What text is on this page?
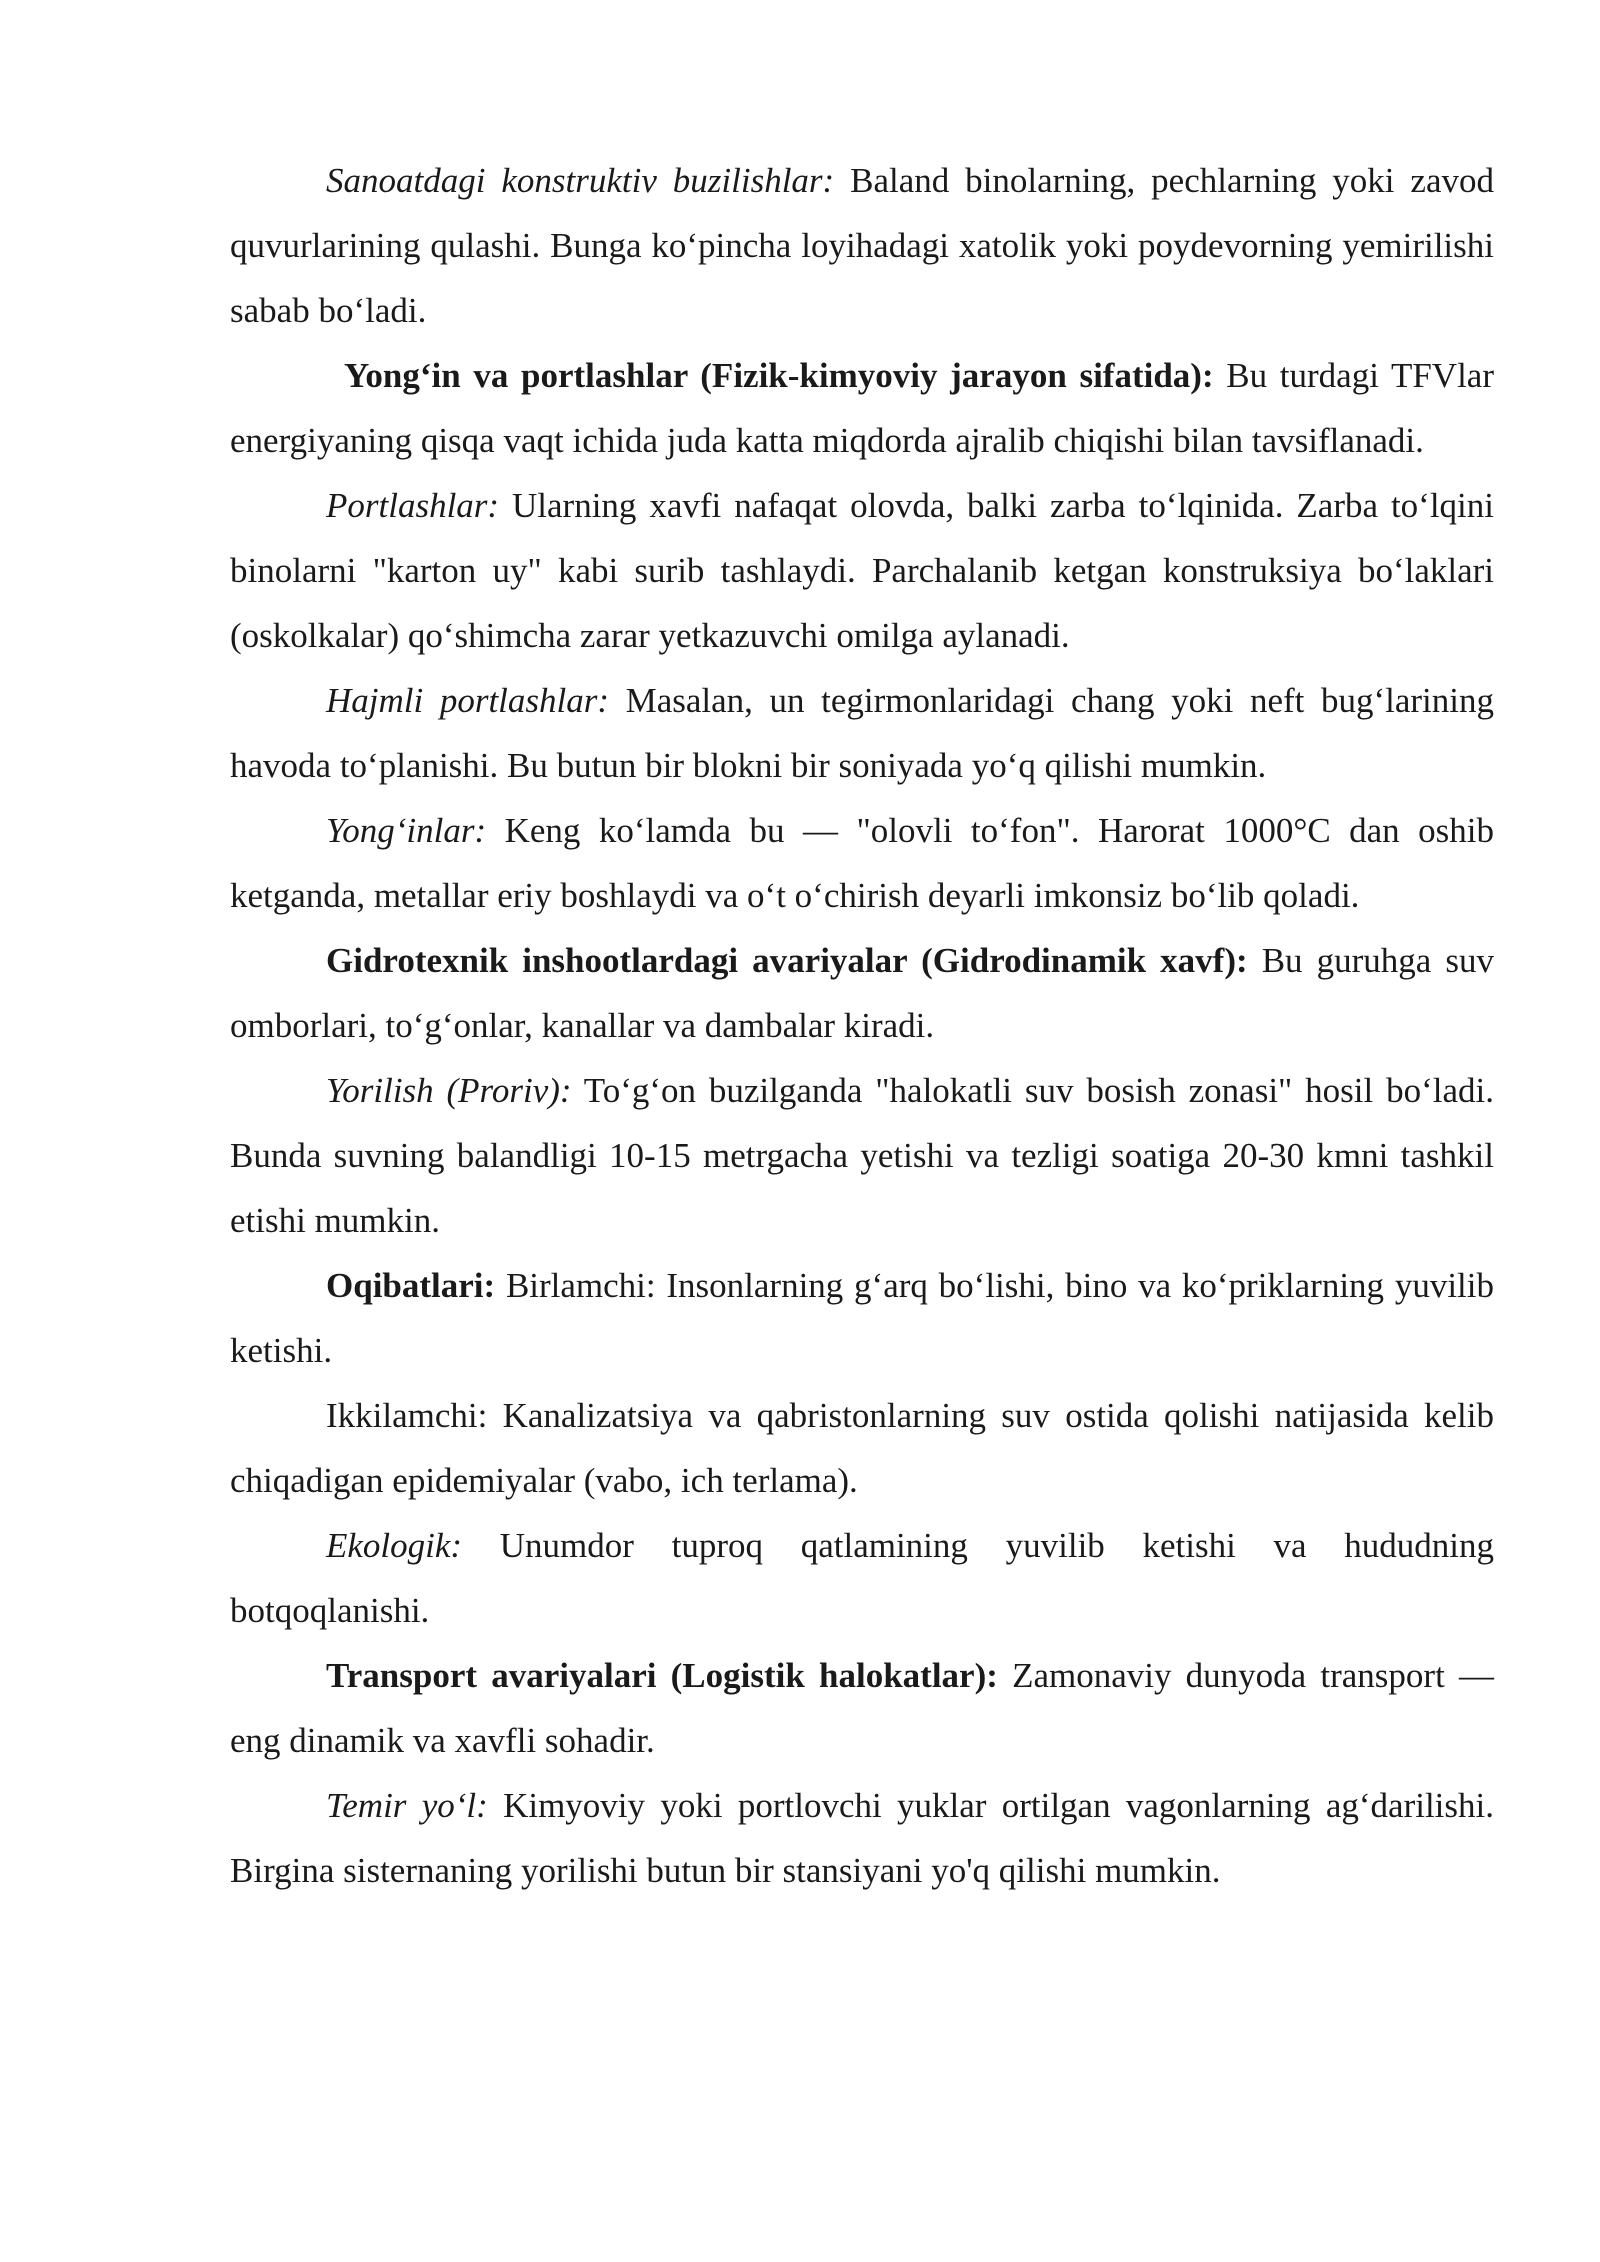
Sanoatdagi konstruktiv buzilishlar: Baland binolarning, pechlarning yoki zavod quvurlarining qulashi. Bunga ko‘pincha loyihadagi xatolik yoki poydevorning yemirilishi sabab bo‘ladi.

Yong‘in va portlashlar (Fizik-kimyoviy jarayon sifatida): Bu turdagi TFVlar energiyaning qisqa vaqt ichida juda katta miqdorda ajralib chiqishi bilan tavsiflanadi.

Portlashlar: Ularning xavfi nafaqat olovda, balki zarba to‘lqinida. Zarba to‘lqini binolarni "karton uy" kabi surib tashlaydi. Parchalanib ketgan konstruksiya bo‘laklari (oskolkalar) qo‘shimcha zarar yetkazuvchi omilga aylanadi.

Hajmli portlashlar: Masalan, un tegirmonlaridagi chang yoki neft bug‘larining havoda to‘planishi. Bu butun bir blokni bir soniyada yo‘q qilishi mumkin.

Yong‘inlar: Keng ko‘lamda bu — "olovli to‘fon". Harorat 1000°C dan oshib ketganda, metallar eriy boshlaydi va o‘t o‘chirish deyarli imkonsiz bo‘lib qoladi.

Gidrotexnik inshootlardagi avariyalar (Gidrodinamik xavf): Bu guruhga suv omborlari, to‘g‘onlar, kanallar va dambalar kiradi.

Yorilish (Proriv): To‘g‘on buzilganda "halokatli suv bosish zonasi" hosil bo‘ladi. Bunda suvning balandligi 10-15 metrgacha yetishi va tezligi soatiga 20-30 kmni tashkil etishi mumkin.

Oqibatlari: Birlamchi: Insonlarning g‘arq bo‘lishi, bino va ko‘priklarning yuvilib ketishi.

Ikkilamchi: Kanalizatsiya va qabristonlarning suv ostida qolishi natijasida kelib chiqadigan epidemiyalar (vabo, ich terlama).

Ekologik: Unumdor tuproq qatlamining yuvilib ketishi va hududning botqoqlanishi.

Transport avariyalari (Logistik halokatlar): Zamonaviy dunyoda transport — eng dinamik va xavfli sohadir.

Temir yo‘l: Kimyoviy yoki portlovchi yuklar ortilgan vagonlarning ag‘darilishi. Birgina sisternaning yorilishi butun bir stansiyani yo'q qilishi mumkin.
